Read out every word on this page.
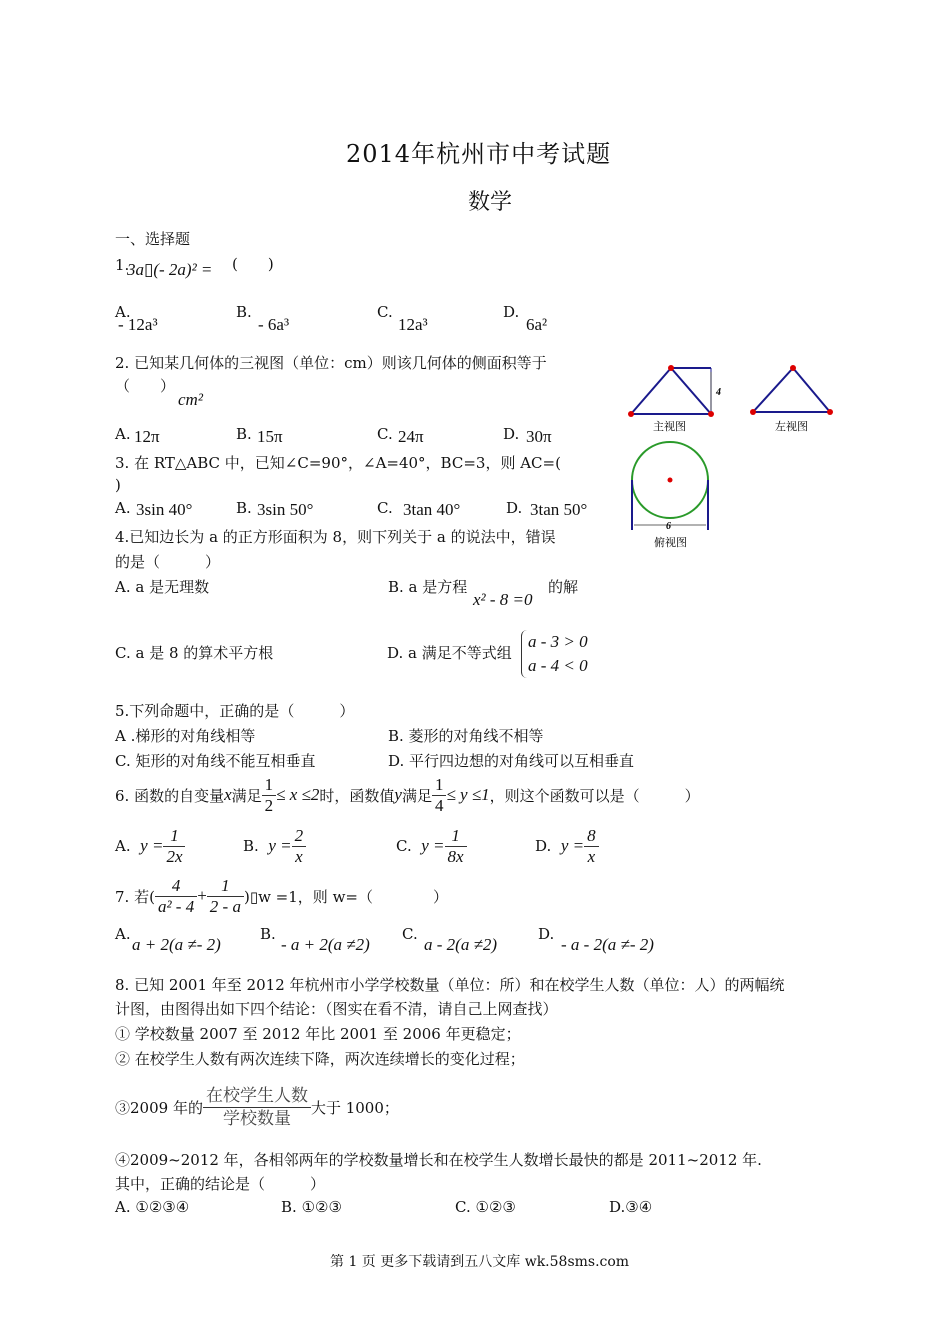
2014年杭州市中考试题
数学
一、选择题
1.
3a▯(- 2a)² = (　　)
A.
- 12a³
B.
- 6a³
C.
12a³
D.
6a²
2. 已知某几何体的三视图（单位：cm）则该几何体的侧面积等于
（　　）
cm²
A. 12π	B. 15π	C. 24π	D. 30π
3. 在 RT△ABC 中，已知∠C=90°，∠A=40°，BC=3，则 AC=(
)
A. 3sin 40°	B. 3sin 50°	C. 3tan 40°	D. 3tan 50°
4.已知边长为 a 的正方形面积为 8，则下列关于 a 的说法中，错误
的是（　　　）
A. a 是无理数	B. a 是方程
x² - 8 =0
的解
C. a 是 8 的算术平方根	D. a 满足不等式组
a - 3 > 0
a - 4 < 0
5.下列命题中，正确的是（　　　）
A .梯形的对角线相等	B. 菱形的对角线不相等
C. 矩形的对角线不能互相垂直	D. 平行四边想的对角线可以互相垂直
6. 函数的自变量 x 满足 $\frac{1}{2} \le x \le 2$ 时，函数值 y 满足 $\frac{1}{4} \le y \le 1$ ，则这个函数可以是（　　　）
A.
$y = \frac{1}{2x}$	B.
$y = \frac{2}{x}$	C.
$y = \frac{1}{8x}$	D.
$y = \frac{8}{x}$
7. 若( $\frac{4}{\text{a² - 4}} + \frac{1}{2 - a}$ )▯w =1，则 w=（　　　　）
A.
a + 2(a ≠- 2)
B.
- a + 2(a ≠2)
C.
a - 2(a ≠2)
D.
- a - 2(a ≠- 2)
8. 已知 2001 年至 2012 年杭州市小学学校数量（单位：所）和在校学生人数（单位：人）的两幅统
计图，由图得出如下四个结论：（图实在看不清，请自己上网查找）
① 学校数量 2007 至 2012 年比 2001 至 2006 年更稳定；
② 在校学生人数有两次连续下降，两次连续增长的变化过程；
③2009 年的 $\frac{\text{在校学生人数}}{\text{学校数量}}$ 大于 1000；
④2009~2012 年，各相邻两年的学校数量增长和在校学生人数增长最快的都是 2011~2012 年.
其中，正确的结论是（　　　）
A. ①②③④	B. ①②③	C. ①②③	D.③④
4
主视图	左视图
6
俯视图
第 1 页 更多下载请到五八文库 wk.58sms.com
